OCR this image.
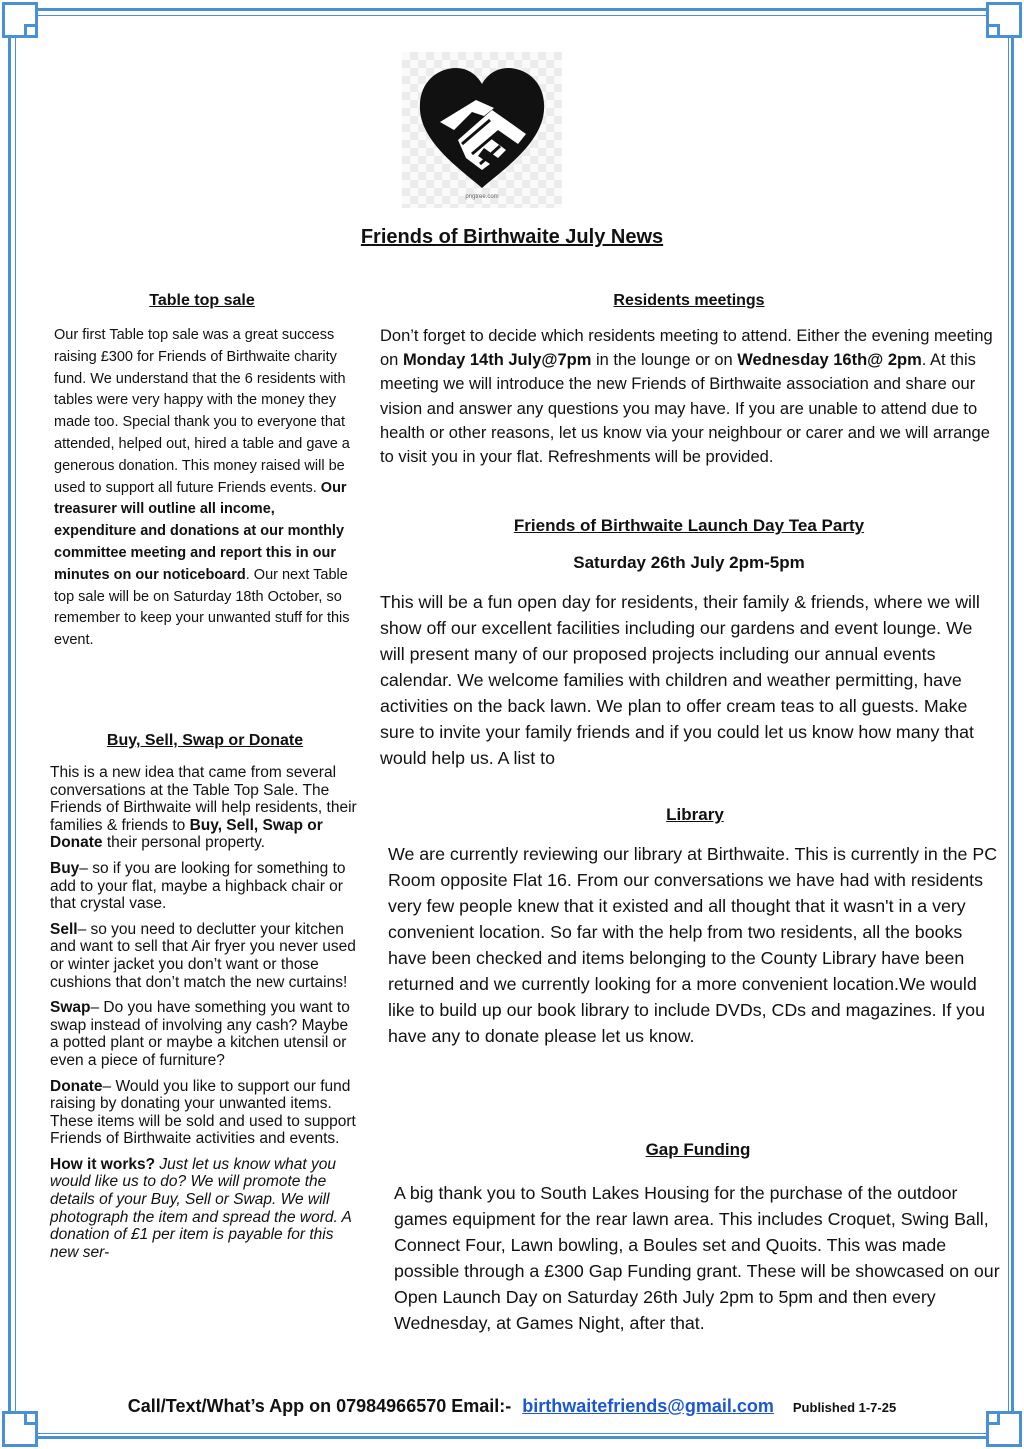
pngtree.com
Friends of Birthwaite July News
Table top sale

Our first Table top sale was a great success raising £300 for Friends of Birthwaite charity fund. We understand that the 6 residents with tables were very happy with the money they made too. Special thank you to everyone that attended, helped out, hired a table and gave a generous donation. This money raised will be used to support all future Friends events. Our treasurer will outline all income, expenditure and donations at our monthly committee meeting and report this in our minutes on our noticeboard. Our next Table top sale will be on Saturday 18th October, so remember to keep your unwanted stuff for this event.

Buy, Sell, Swap or Donate

This is a new idea that came from several conversations at the Table Top Sale. The Friends of Birthwaite will help residents, their families & friends to Buy, Sell, Swap or Donate their personal property.

Buy– so if you are looking for something to add to your flat, maybe a highback chair or that crystal vase.

Sell– so you need to declutter your kitchen and want to sell that Air fryer you never used or winter jacket you don’t want or those cushions that don’t match the new curtains!

Swap– Do you have something you want to swap instead of involving any cash? Maybe a potted plant or maybe a kitchen utensil or even a piece of furniture?

Donate– Would you like to support our fund raising by donating your unwanted items. These items will be sold and used to support Friends of Birthwaite activities and events.

How it works? Just let us know what you would like us to do? We will promote the details of your Buy, Sell or Swap. We will photograph the item and spread the word. A donation of £1 per item is payable for this new ser-

Residents meetings

Don’t forget to decide which residents meeting to attend. Either the evening meeting on Monday 14th July@7pm in the lounge or on Wednesday 16th@ 2pm. At this meeting we will introduce the new Friends of Birthwaite association and share our vision and answer any questions you may have. If you are unable to attend due to health or other reasons, let us know via your neighbour or carer and we will arrange to visit you in your flat. Refreshments will be provided.

Friends of Birthwaite Launch Day Tea Party
Saturday 26th July 2pm-5pm

This will be a fun open day for residents, their family & friends, where we will show off our excellent facilities including our gardens and event lounge. We will present many of our proposed projects including our annual events calendar. We welcome families with children and weather permitting, have activities on the back lawn. We plan to offer cream teas to all guests. Make sure to invite your family friends and if you could let us know how many that would help us. A list to

Library

We are currently reviewing our library at Birthwaite. This is currently in the PC Room opposite Flat 16. From our conversations we have had with residents very few people knew that it existed and all thought that it wasn't in a very convenient location. So far with the help from two residents, all the books have been checked and items belonging to the County Library have been returned and we currently looking for a more convenient location.We would like to build up our book library to include DVDs, CDs and magazines. If you have any to donate please let us know.

Gap Funding

A big thank you to South Lakes Housing for the purchase of the outdoor games equipment for the rear lawn area. This includes Croquet, Swing Ball, Connect Four, Lawn bowling, a Boules set and Quoits. This was made possible through a £300 Gap Funding grant. These will be showcased on our Open Launch Day on Saturday 26th July 2pm to 5pm and then every Wednesday, at Games Night, after that.

Call/Text/What’s App on 07984966570 Email:- birthwaitefriends@gmail.com Published 1-7-25
